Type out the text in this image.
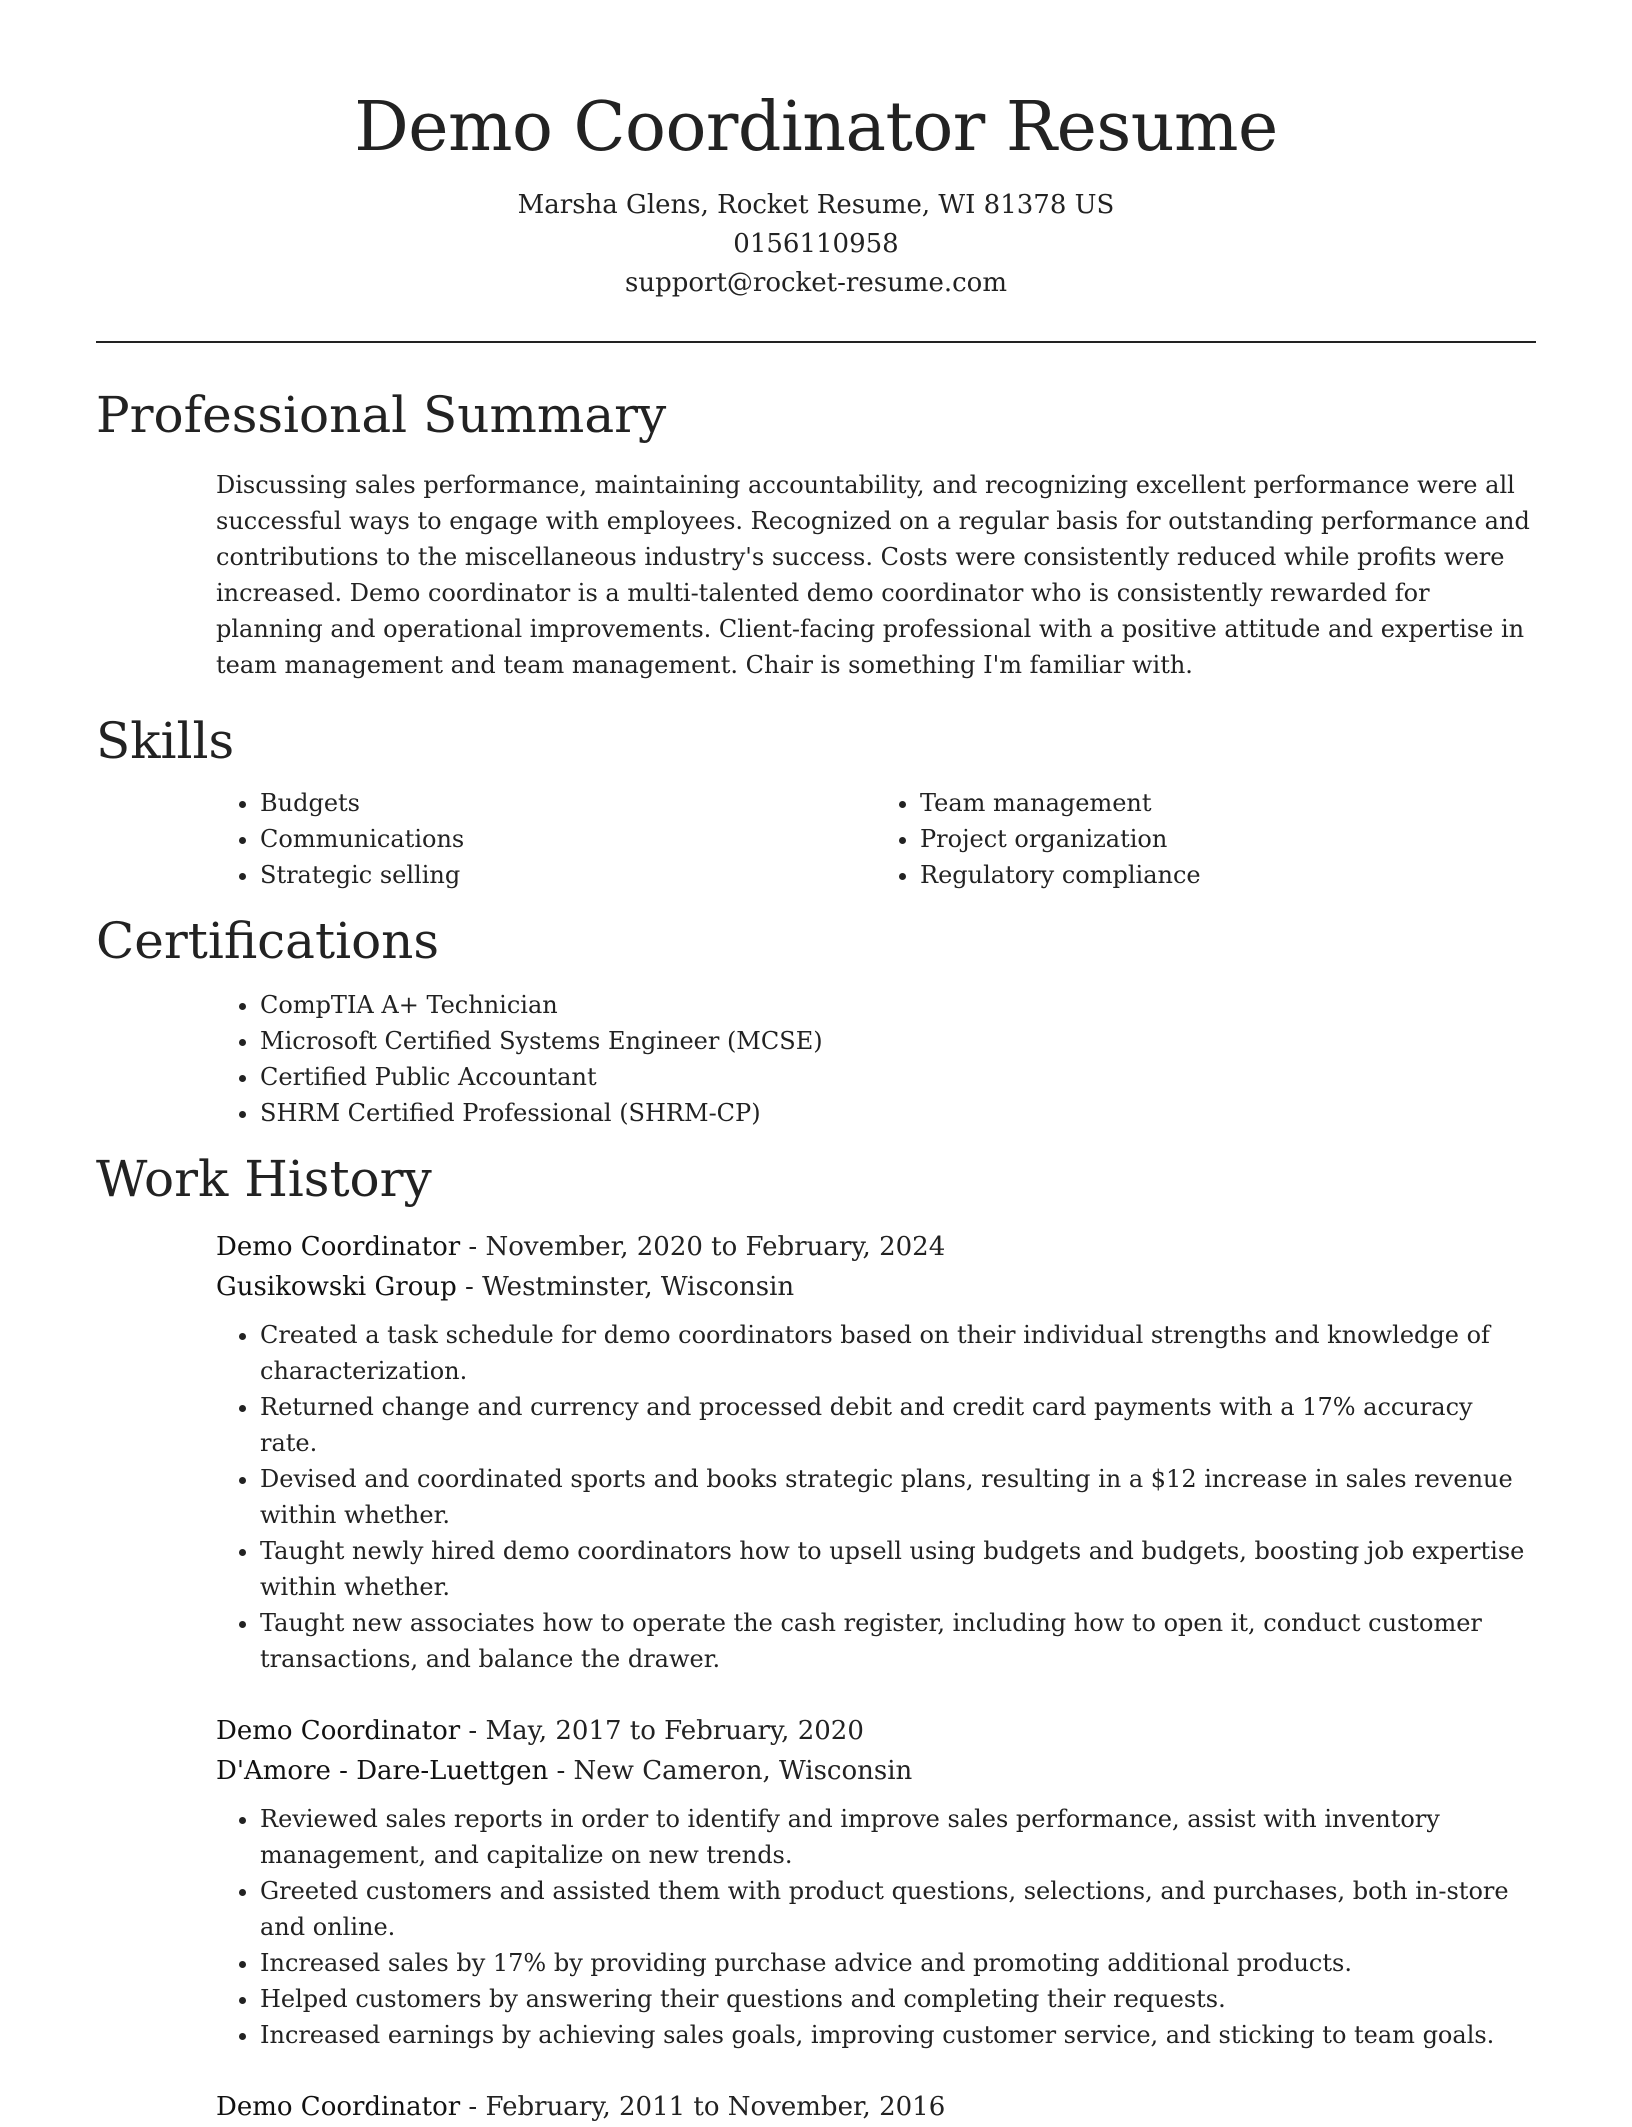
Demo Coordinator Resume
Marsha Glens, Rocket Resume, WI 81378 US
0156110958
support@rocket-resume.com
Professional Summary

Discussing sales performance, maintaining accountability, and recognizing excellent performance were all successful ways to engage with employees. Recognized on a regular basis for outstanding performance and contributions to the miscellaneous industry's success. Costs were consistently reduced while profits were increased. Demo coordinator is a multi-talented demo coordinator who is consistently rewarded for planning and operational improvements. Client-facing professional with a positive attitude and expertise in team management and team management. Chair is something I'm familiar with.

Skills
• Budgets
• Communications
• Strategic selling
• Team management
• Project organization
• Regulatory compliance
Certifications
• CompTIA A+ Technician
• Microsoft Certified Systems Engineer (MCSE)
• Certified Public Accountant
• SHRM Certified Professional (SHRM-CP)
Work History
Demo Coordinator - November, 2020 to February, 2024
Gusikowski Group - Westminster, Wisconsin
• Created a task schedule for demo coordinators based on their individual strengths and knowledge of characterization.
• Returned change and currency and processed debit and credit card payments with a 17% accuracy rate.
• Devised and coordinated sports and books strategic plans, resulting in a $12 increase in sales revenue within whether.
• Taught newly hired demo coordinators how to upsell using budgets and budgets, boosting job expertise within whether.
• Taught new associates how to operate the cash register, including how to open it, conduct customer transactions, and balance the drawer.
Demo Coordinator - May, 2017 to February, 2020
D'Amore - Dare-Luettgen - New Cameron, Wisconsin
• Reviewed sales reports in order to identify and improve sales performance, assist with inventory management, and capitalize on new trends.
• Greeted customers and assisted them with product questions, selections, and purchases, both in-store and online.
• Increased sales by 17% by providing purchase advice and promoting additional products.
• Helped customers by answering their questions and completing their requests.
• Increased earnings by achieving sales goals, improving customer service, and sticking to team goals.
Demo Coordinator - February, 2011 to November, 2016
